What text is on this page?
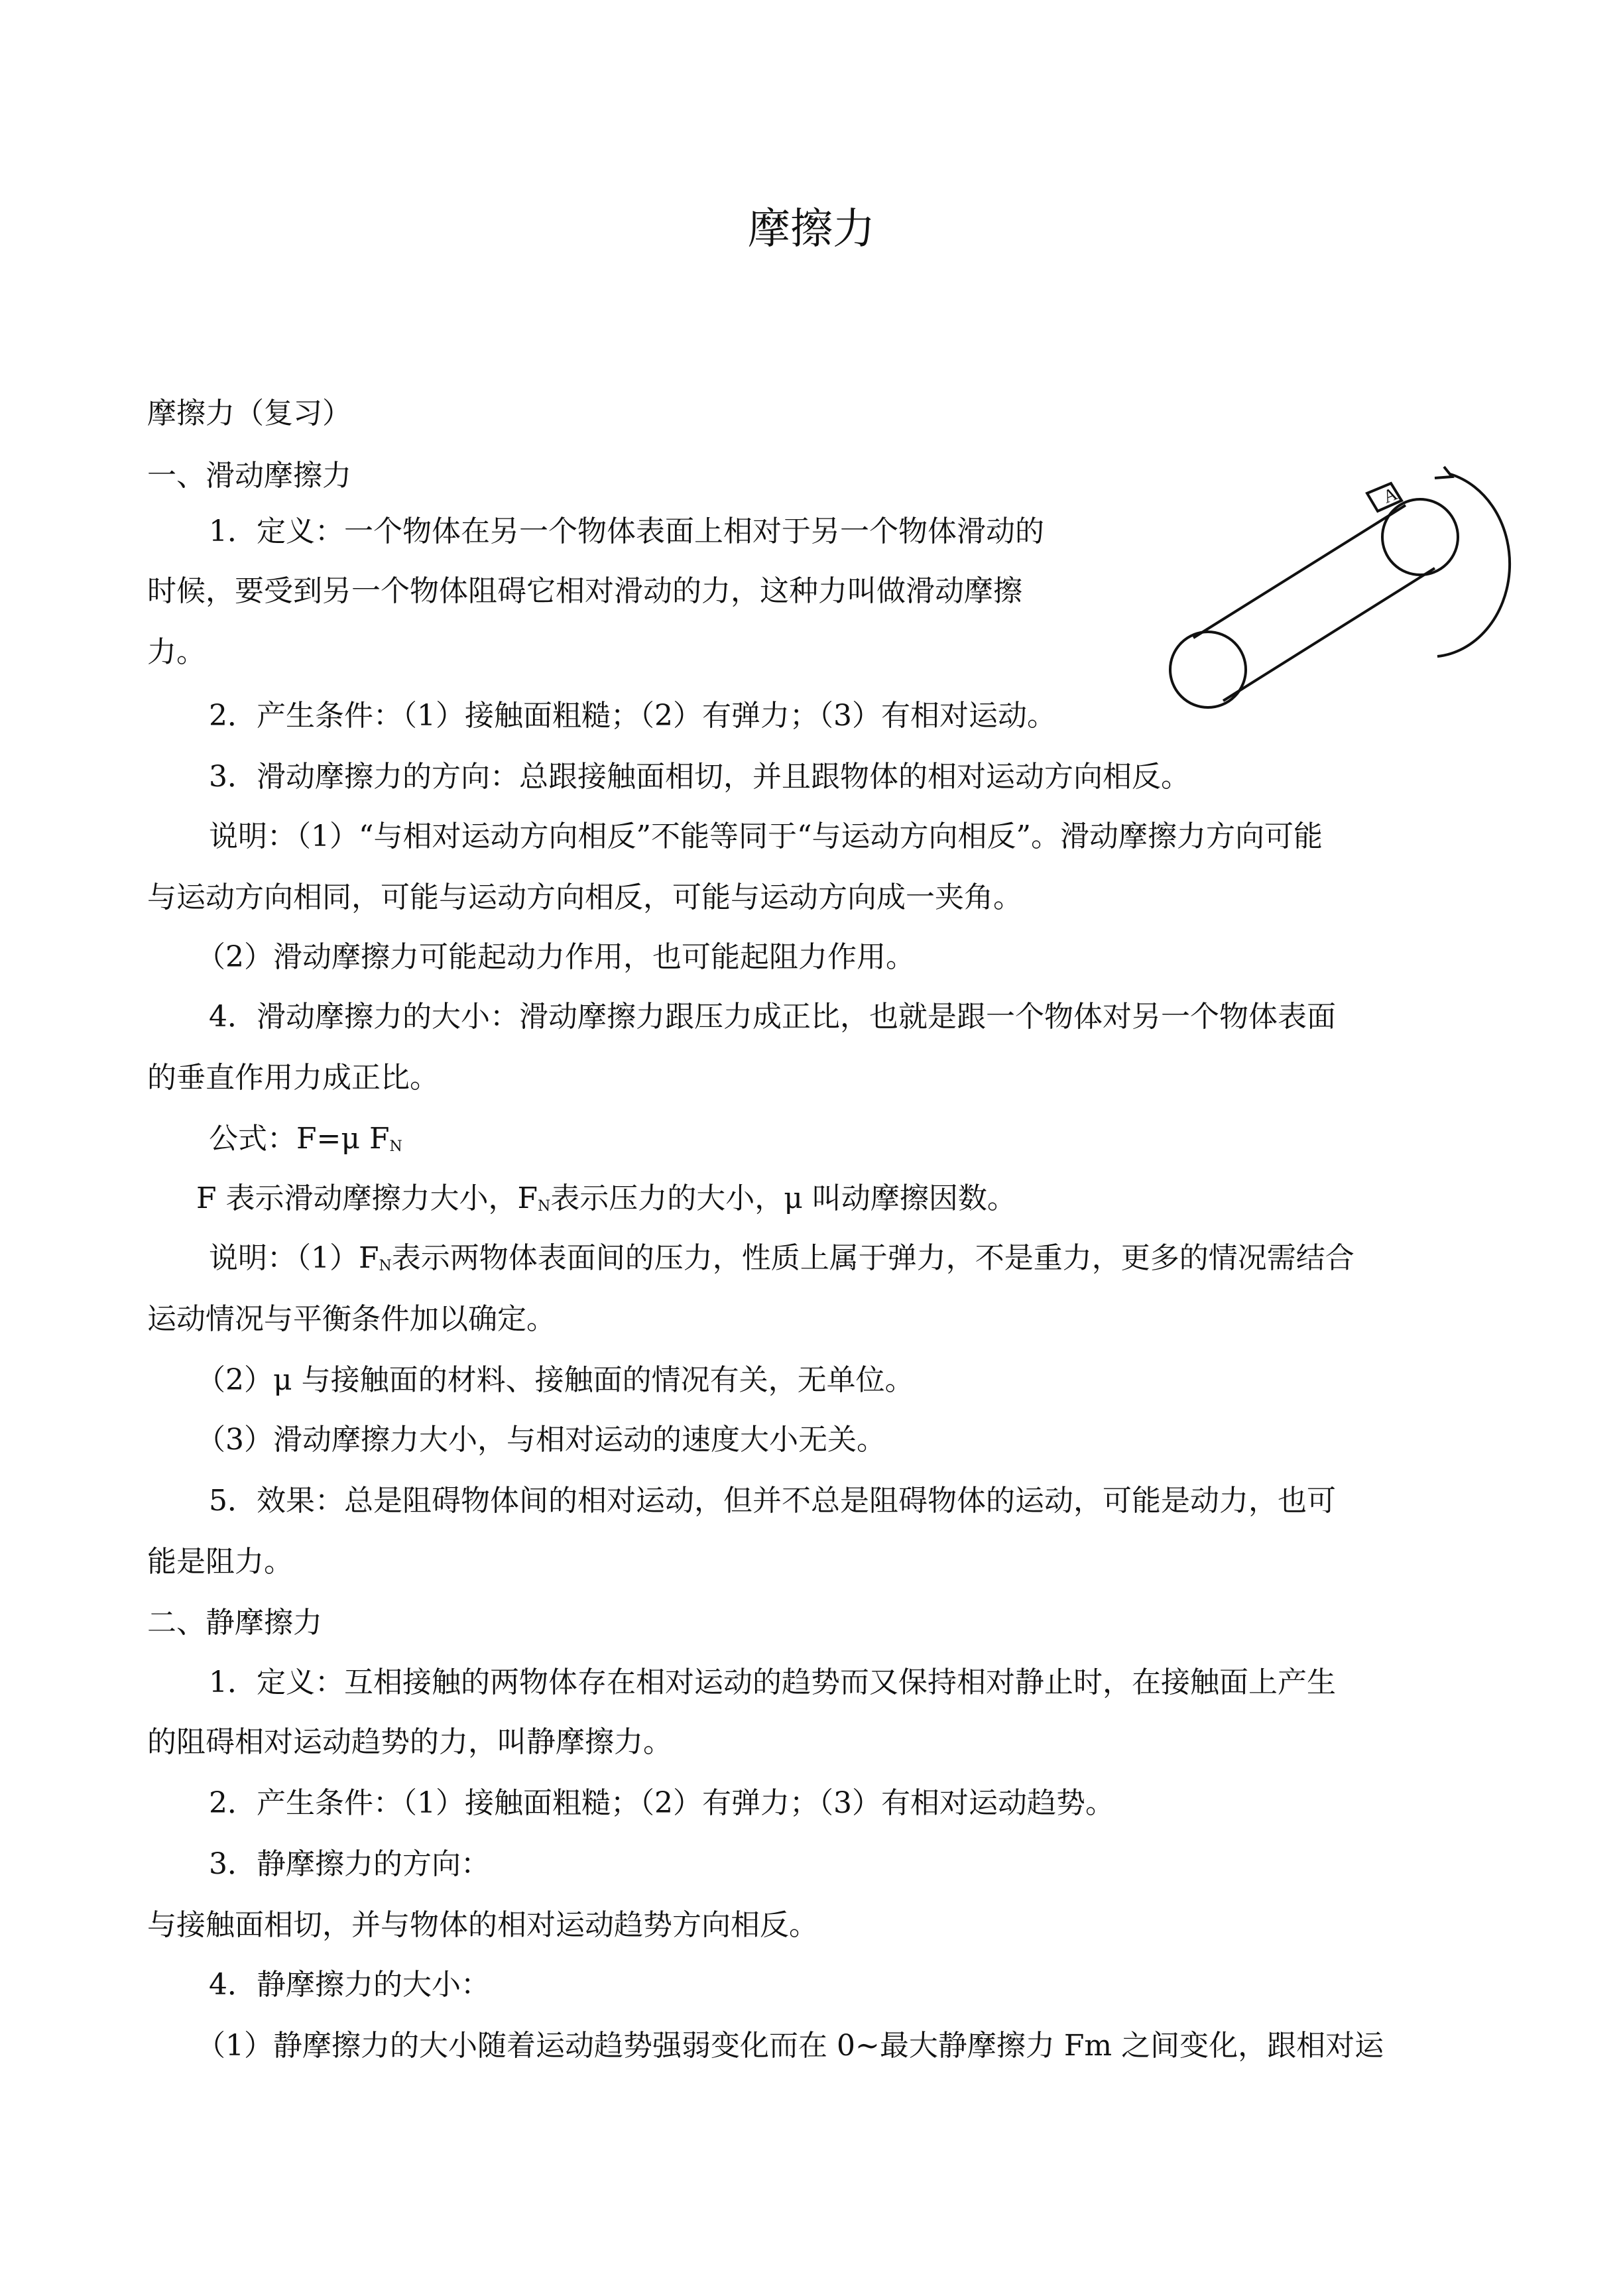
摩擦力
摩擦力（复习）
一、滑动摩擦力
1．定义：一个物体在另一个物体表面上相对于另一个物体滑动的
时候，要受到另一个物体阻碍它相对滑动的力，这种力叫做滑动摩擦
力。
2．产生条件：（1）接触面粗糙；（2）有弹力；（3）有相对运动。
3．滑动摩擦力的方向：总跟接触面相切，并且跟物体的相对运动方向相反。
说明：（1）“与相对运动方向相反”不能等同于“与运动方向相反”。滑动摩擦力方向可能
与运动方向相同，可能与运动方向相反，可能与运动方向成一夹角。
（2）滑动摩擦力可能起动力作用，也可能起阻力作用。
4．滑动摩擦力的大小：滑动摩擦力跟压力成正比，也就是跟一个物体对另一个物体表面
的垂直作用力成正比。
公式：F=μ $F_N$
F 表示滑动摩擦力大小，$F_N$表示压力的大小，μ 叫动摩擦因数。
说明：$(1)F_N$表示两物体表面间的压力，性质上属于弹力，不是重力，更多的情况需结合
运动情况与平衡条件加以确定。
（2）μ 与接触面的材料、接触面的情况有关，无单位。
（3）滑动摩擦力大小，与相对运动的速度大小无关。
5．效果：总是阻碍物体间的相对运动，但并不总是阻碍物体的运动，可能是动力，也可
能是阻力。
二、静摩擦力
1．定义：互相接触的两物体存在相对运动的趋势而又保持相对静止时，在接触面上产生
的阻碍相对运动趋势的力，叫静摩擦力。
2．产生条件：（1）接触面粗糙；（2）有弹力；（3）有相对运动趋势。
3．静摩擦力的方向：
与接触面相切，并与物体的相对运动趋势方向相反。
4．静摩擦力的大小：
（1）静摩擦力的大小随着运动趋势强弱变化而在 0~最大静摩擦力 Fm 之间变化，跟相对运
A
